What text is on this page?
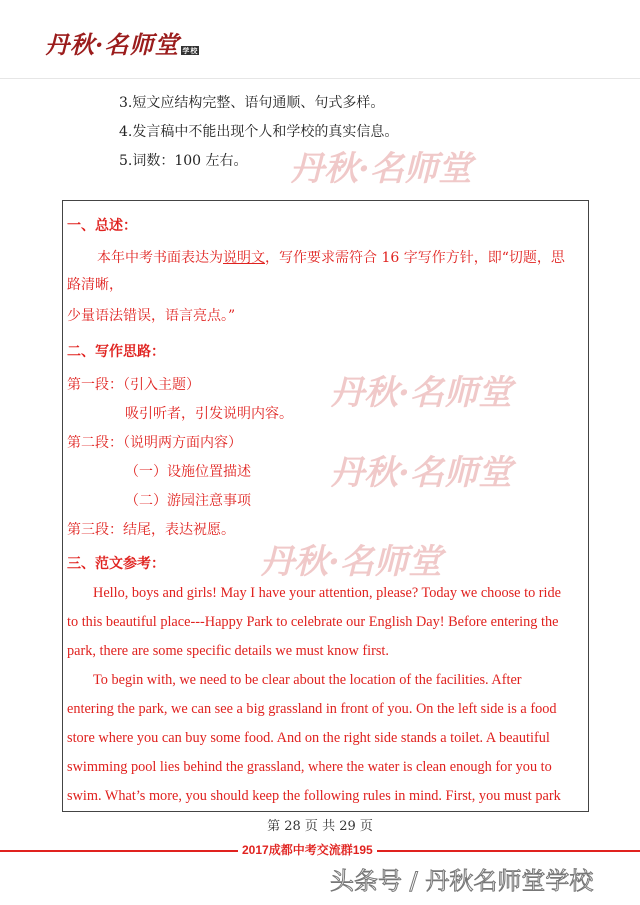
丹秋·名师堂 学校
3.短文应结构完整、语句通顺、句式多样。
4.发言稿中不能出现个人和学校的真实信息。
5.词数：100 左右。
一、总述：
本年中考书面表达为说明文，写作要求需符合 16 字写作方针，即“切题，思
路清晰，
少量语法错误，语言亮点。”
二、写作思路：
第一段：（引入主题）
吸引听者，引发说明内容。
第二段：（说明两方面内容）
（一）设施位置描述
（二）游园注意事项
第三段：结尾，表达祝愿。
三、范文参考：
Hello, boys and girls! May I have your attention, please? Today we choose to ride
to this beautiful place---Happy Park to celebrate our English Day! Before entering the
park, there are some specific details we must know first.
To begin with, we need to be clear about the location of the facilities. After
entering the park, we can see a big grassland in front of you. On the left side is a food
store where you can buy some food. And on the right side stands a toilet. A beautiful
swimming pool lies behind the grassland, where the water is clean enough for you to
swim. What’s more, you should keep the following rules in mind. First, you must park
丹秋·名师堂
丹秋·名师堂
丹秋·名师堂
丹秋·名师堂
第 28 页 共 29 页
2017成都中考交流群195
头条号 / 丹秋名师堂学校
